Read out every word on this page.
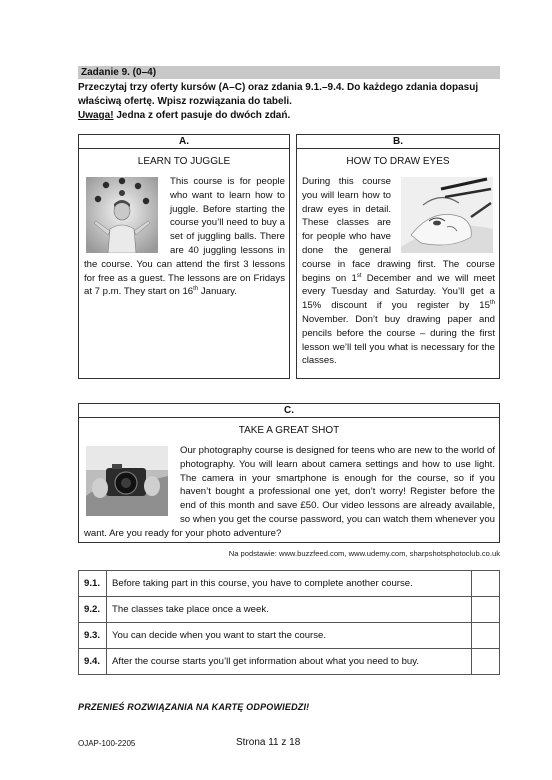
Zadanie 9. (0–4)
Przeczytaj trzy oferty kursów (A–C) oraz zdania 9.1.–9.4. Do każdego zdania dopasuj właściwą ofertę. Wpisz rozwiązania do tabeli.
Uwaga! Jedna z ofert pasuje do dwóch zdań.
A.
LEARN TO JUGGLE
This course is for people who want to learn how to juggle. Before starting the course you’ll need to buy a set of juggling balls. There are 40 juggling lessons in the course. You can attend the first 3 lessons for free as a guest. The lessons are on Fridays at 7 p.m. They start on 16th January.
B.
HOW TO DRAW EYES
During this course you will learn how to draw eyes in detail. These classes are for people who have done the general course in face drawing first. The course begins on 1st December and we will meet every Tuesday and Saturday. You’ll get a 15% discount if you register by 15th November. Don’t buy drawing paper and pencils before the course – during the first lesson we’ll tell you what is necessary for the classes.
C.
TAKE A GREAT SHOT
Our photography course is designed for teens who are new to the world of photography. You will learn about camera settings and how to use light. The camera in your smartphone is enough for the course, so if you haven’t bought a professional one yet, don’t worry! Register before the end of this month and save £50. Our video lessons are already available, so when you get the course password, you can watch them whenever you want. Are you ready for your photo adventure?
Na podstawie: www.buzzfeed.com, www.udemy.com, sharpshotsphotoclub.co.uk
9.1.	Before taking part in this course, you have to complete another course.	
9.2.	The classes take place once a week.	
9.3.	You can decide when you want to start the course.	
9.4.	After the course starts you’ll get information about what you need to buy.	
PRZENIEŚ ROZWIĄZANIA NA KARTĘ ODPOWIEDZI!
OJAP-100-2205	Strona 11 z 18
